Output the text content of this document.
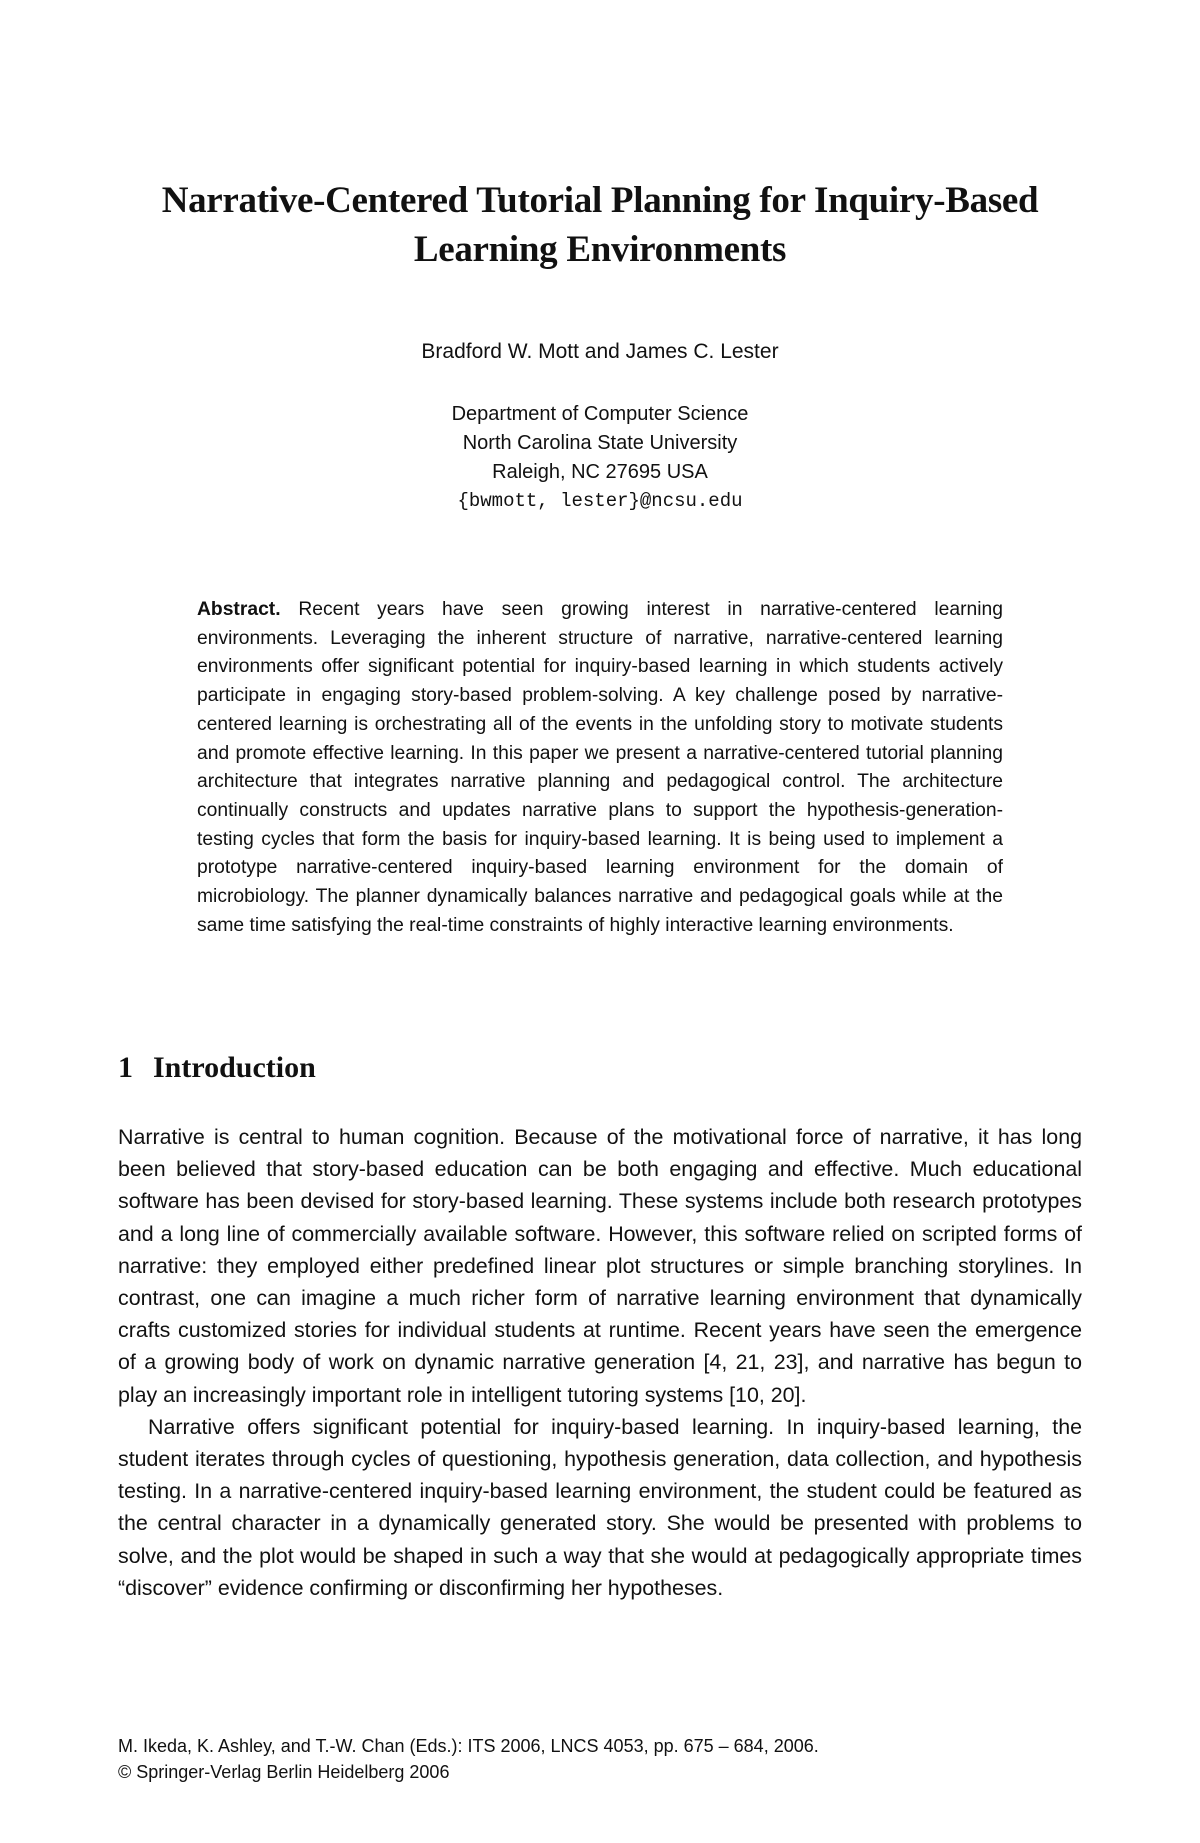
Narrative-Centered Tutorial Planning for Inquiry-Based Learning Environments
Bradford W. Mott and James C. Lester
Department of Computer Science
North Carolina State University
Raleigh, NC 27695 USA
{bwmott, lester}@ncsu.edu

Abstract. Recent years have seen growing interest in narrative-centered learning environments. Leveraging the inherent structure of narrative, narrative-centered learning environments offer significant potential for inquiry-based learning in which students actively participate in engaging story-based problem-solving. A key challenge posed by narrative-centered learning is orchestrating all of the events in the unfolding story to motivate students and promote effective learning. In this paper we present a narrative-centered tutorial planning architecture that integrates narrative planning and pedagogical control. The architecture continually constructs and updates narrative plans to support the hypothesis-generation-testing cycles that form the basis for inquiry-based learning. It is being used to implement a prototype narrative-centered inquiry-based learning environment for the domain of microbiology. The planner dynamically balances narrative and pedagogical goals while at the same time satisfying the real-time constraints of highly interactive learning environments.

1 Introduction

Narrative is central to human cognition. Because of the motivational force of narrative, it has long been believed that story-based education can be both engaging and effective. Much educational software has been devised for story-based learning. These systems include both research prototypes and a long line of commercially available software. However, this software relied on scripted forms of narrative: they employed either predefined linear plot structures or simple branching storylines. In contrast, one can imagine a much richer form of narrative learning environment that dynamically crafts customized stories for individual students at runtime. Recent years have seen the emergence of a growing body of work on dynamic narrative generation [4, 21, 23], and narrative has begun to play an increasingly important role in intelligent tutoring systems [10, 20].

Narrative offers significant potential for inquiry-based learning. In inquiry-based learning, the student iterates through cycles of questioning, hypothesis generation, data collection, and hypothesis testing. In a narrative-centered inquiry-based learning environment, the student could be featured as the central character in a dynamically generated story. She would be presented with problems to solve, and the plot would be shaped in such a way that she would at pedagogically appropriate times “discover” evidence confirming or disconfirming her hypotheses.

M. Ikeda, K. Ashley, and T.-W. Chan (Eds.): ITS 2006, LNCS 4053, pp. 675 – 684, 2006.
© Springer-Verlag Berlin Heidelberg 2006
